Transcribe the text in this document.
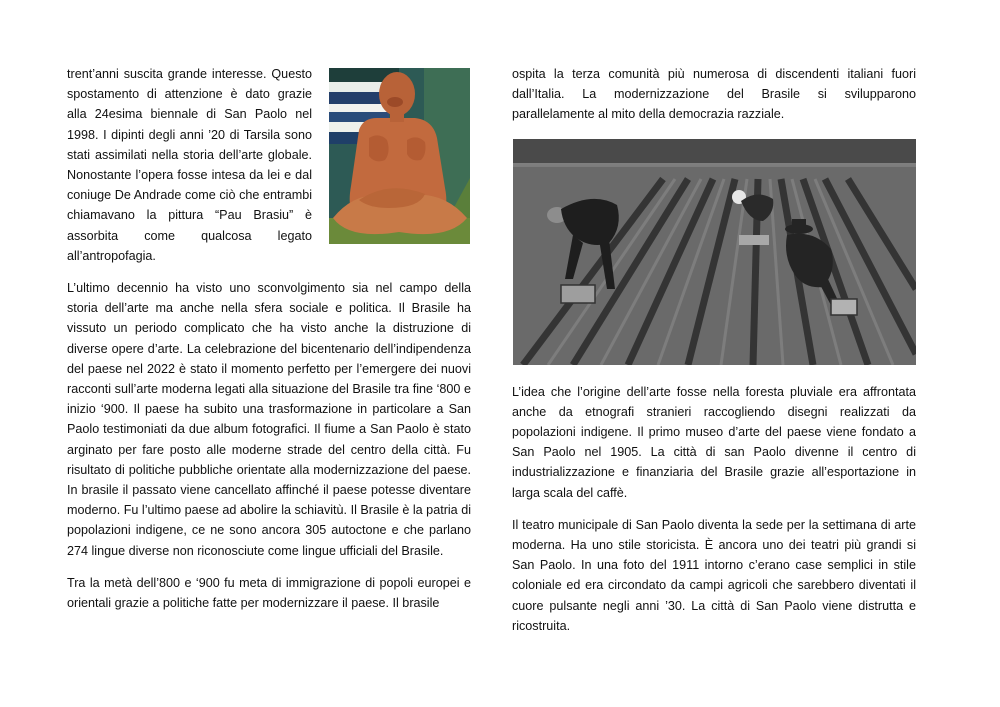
trent’anni suscita grande interesse. Questo spostamento di attenzione è dato grazie alla 24esima biennale di San Paolo nel 1998. I dipinti degli anni ’20 di Tarsila sono stati assimilati nella storia dell’arte globale. Nonostante l’opera fosse intesa da lei e dal coniuge De Andrade come ciò che entrambi chiamavano la pittura “Pau Brasiu” è assorbita come qualcosa legato all’antropofagia.

L’ultimo decennio ha visto uno sconvolgimento sia nel campo della storia dell’arte ma anche nella sfera sociale e politica. Il Brasile ha vissuto un periodo complicato che ha visto anche la distruzione di diverse opere d’arte. La celebrazione del bicentenario dell’indipendenza del paese nel 2022 è stato il momento perfetto per l’emergere dei nuovi racconti sull’arte moderna legati alla situazione del Brasile tra fine ‘800 e inizio ‘900. Il paese ha subito una trasformazione in particolare a San Paolo testimoniati da due album fotografici. Il fiume a San Paolo è stato arginato per fare posto alle moderne strade del centro della città. Fu risultato di politiche pubbliche orientate alla modernizzazione del paese. In brasile il passato viene cancellato affinché il paese potesse diventare moderno. Fu l’ultimo paese ad abolire la schiavitù. Il Brasile è la patria di popolazioni indigene, ce ne sono ancora 305 autoctone e che parlano 274 lingue diverse non riconosciute come lingue ufficiali del Brasile.

Tra la metà dell’800 e ‘900 fu meta di immigrazione di popoli europei e orientali grazie a politiche fatte per modernizzare il paese. Il brasile

ospita la terza comunità più numerosa di discendenti italiani fuori dall’Italia. La modernizzazione del Brasile si svilupparono parallelamente al mito della democrazia razziale.

L’idea che l’origine dell’arte fosse nella foresta pluviale era affrontata anche da etnografi stranieri raccogliendo disegni realizzati da popolazioni indigene. Il primo museo d’arte del paese viene fondato a San Paolo nel 1905. La città di san Paolo divenne il centro di industrializzazione e finanziaria del Brasile grazie all’esportazione in larga scala del caffè.

Il teatro municipale di San Paolo diventa la sede per la settimana di arte moderna. Ha uno stile storicista. È ancora uno dei teatri più grandi si San Paolo. In una foto del 1911 intorno c’erano case semplici in stile coloniale ed era circondato da campi agricoli che sarebbero diventati il cuore pulsante negli anni ’30. La città di San Paolo viene distrutta e ricostruita.
